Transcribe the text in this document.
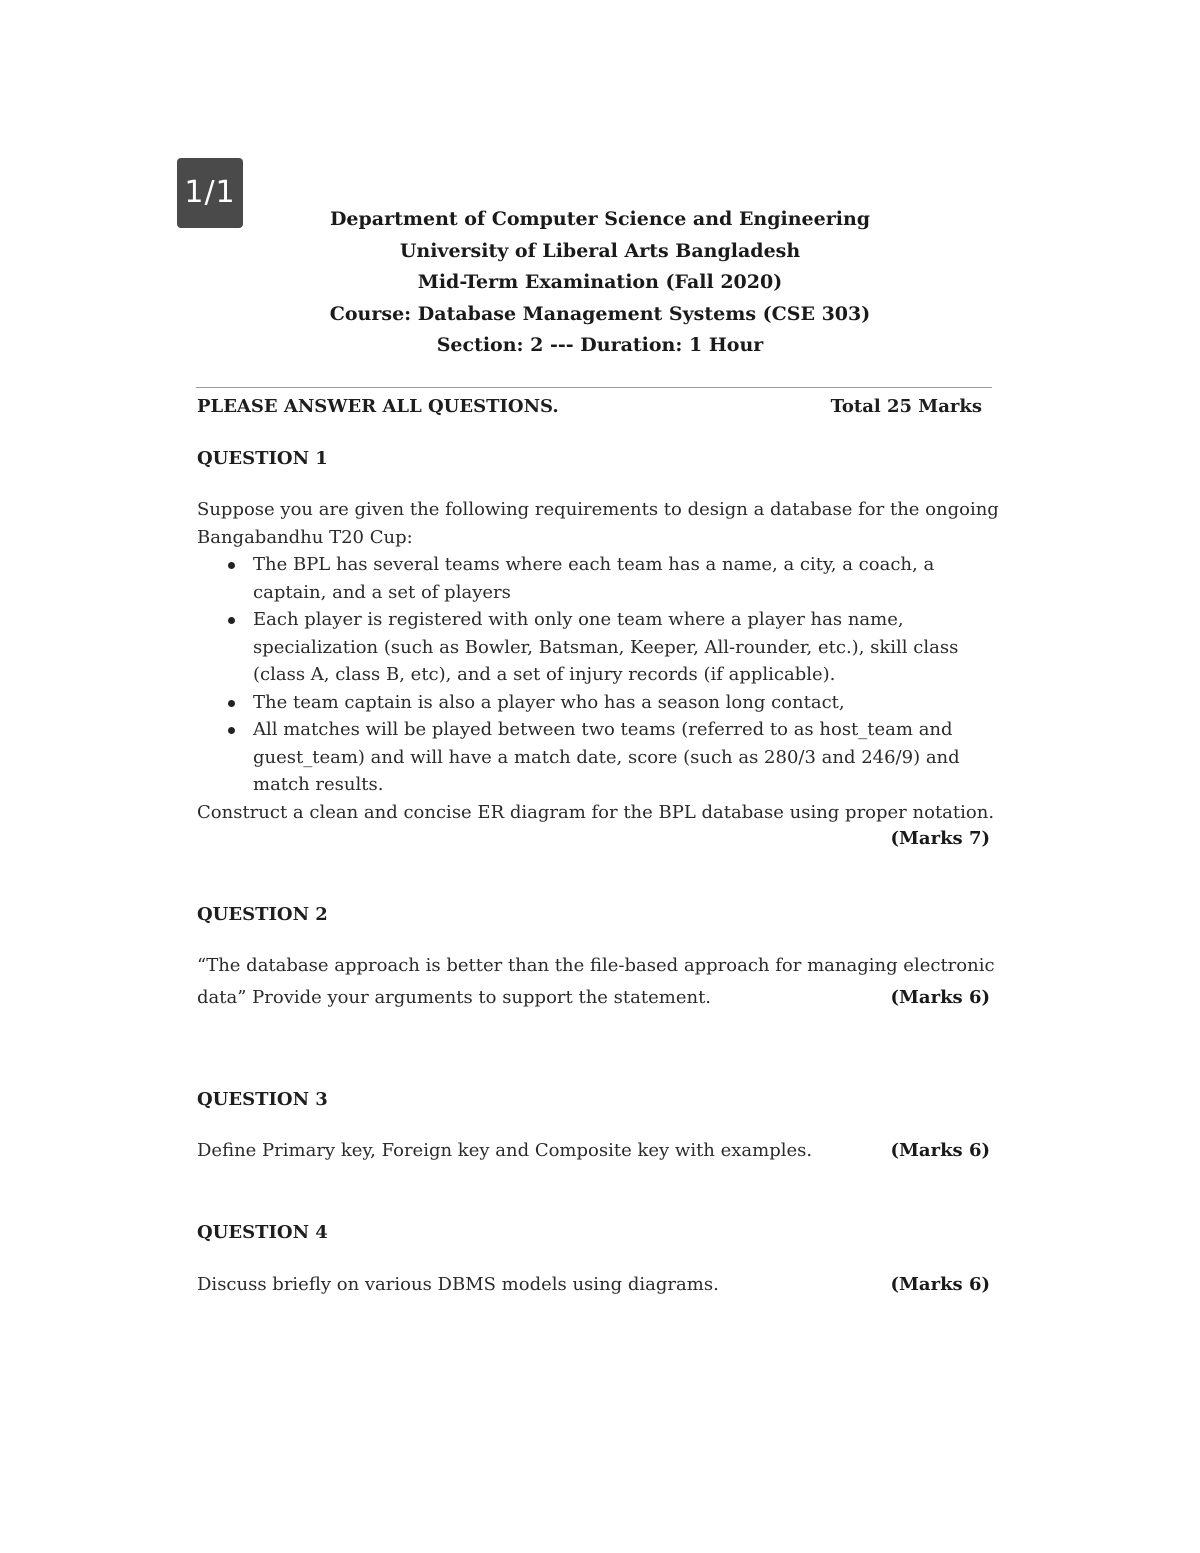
1/1
Department of Computer Science and Engineering
University of Liberal Arts Bangladesh
Mid-Term Examination (Fall 2020)
Course: Database Management Systems (CSE 303)
Section: 2 --- Duration: 1 Hour
PLEASE ANSWER ALL QUESTIONS.	Total 25 Marks
QUESTION 1

Suppose you are given the following requirements to design a database for the ongoing Bangabandhu T20 Cup:

The BPL has several teams where each team has a name, a city, a coach, a captain, and a set of players
Each player is registered with only one team where a player has name, specialization (such as Bowler, Batsman, Keeper, All-rounder, etc.), skill class (class A, class B, etc), and a set of injury records (if applicable).
The team captain is also a player who has a season long contact,
All matches will be played between two teams (referred to as host_team and guest_team) and will have a match date, score (such as 280/3 and 246/9) and match results.

Construct a clean and concise ER diagram for the BPL database using proper notation.

(Marks 7)
QUESTION 2
“The database approach is better than the file-based approach for managing electronic
data” Provide your arguments to support the statement.	(Marks 6)
QUESTION 3
Define Primary key, Foreign key and Composite key with examples.	(Marks 6)
QUESTION 4
Discuss briefly on various DBMS models using diagrams.	(Marks 6)
